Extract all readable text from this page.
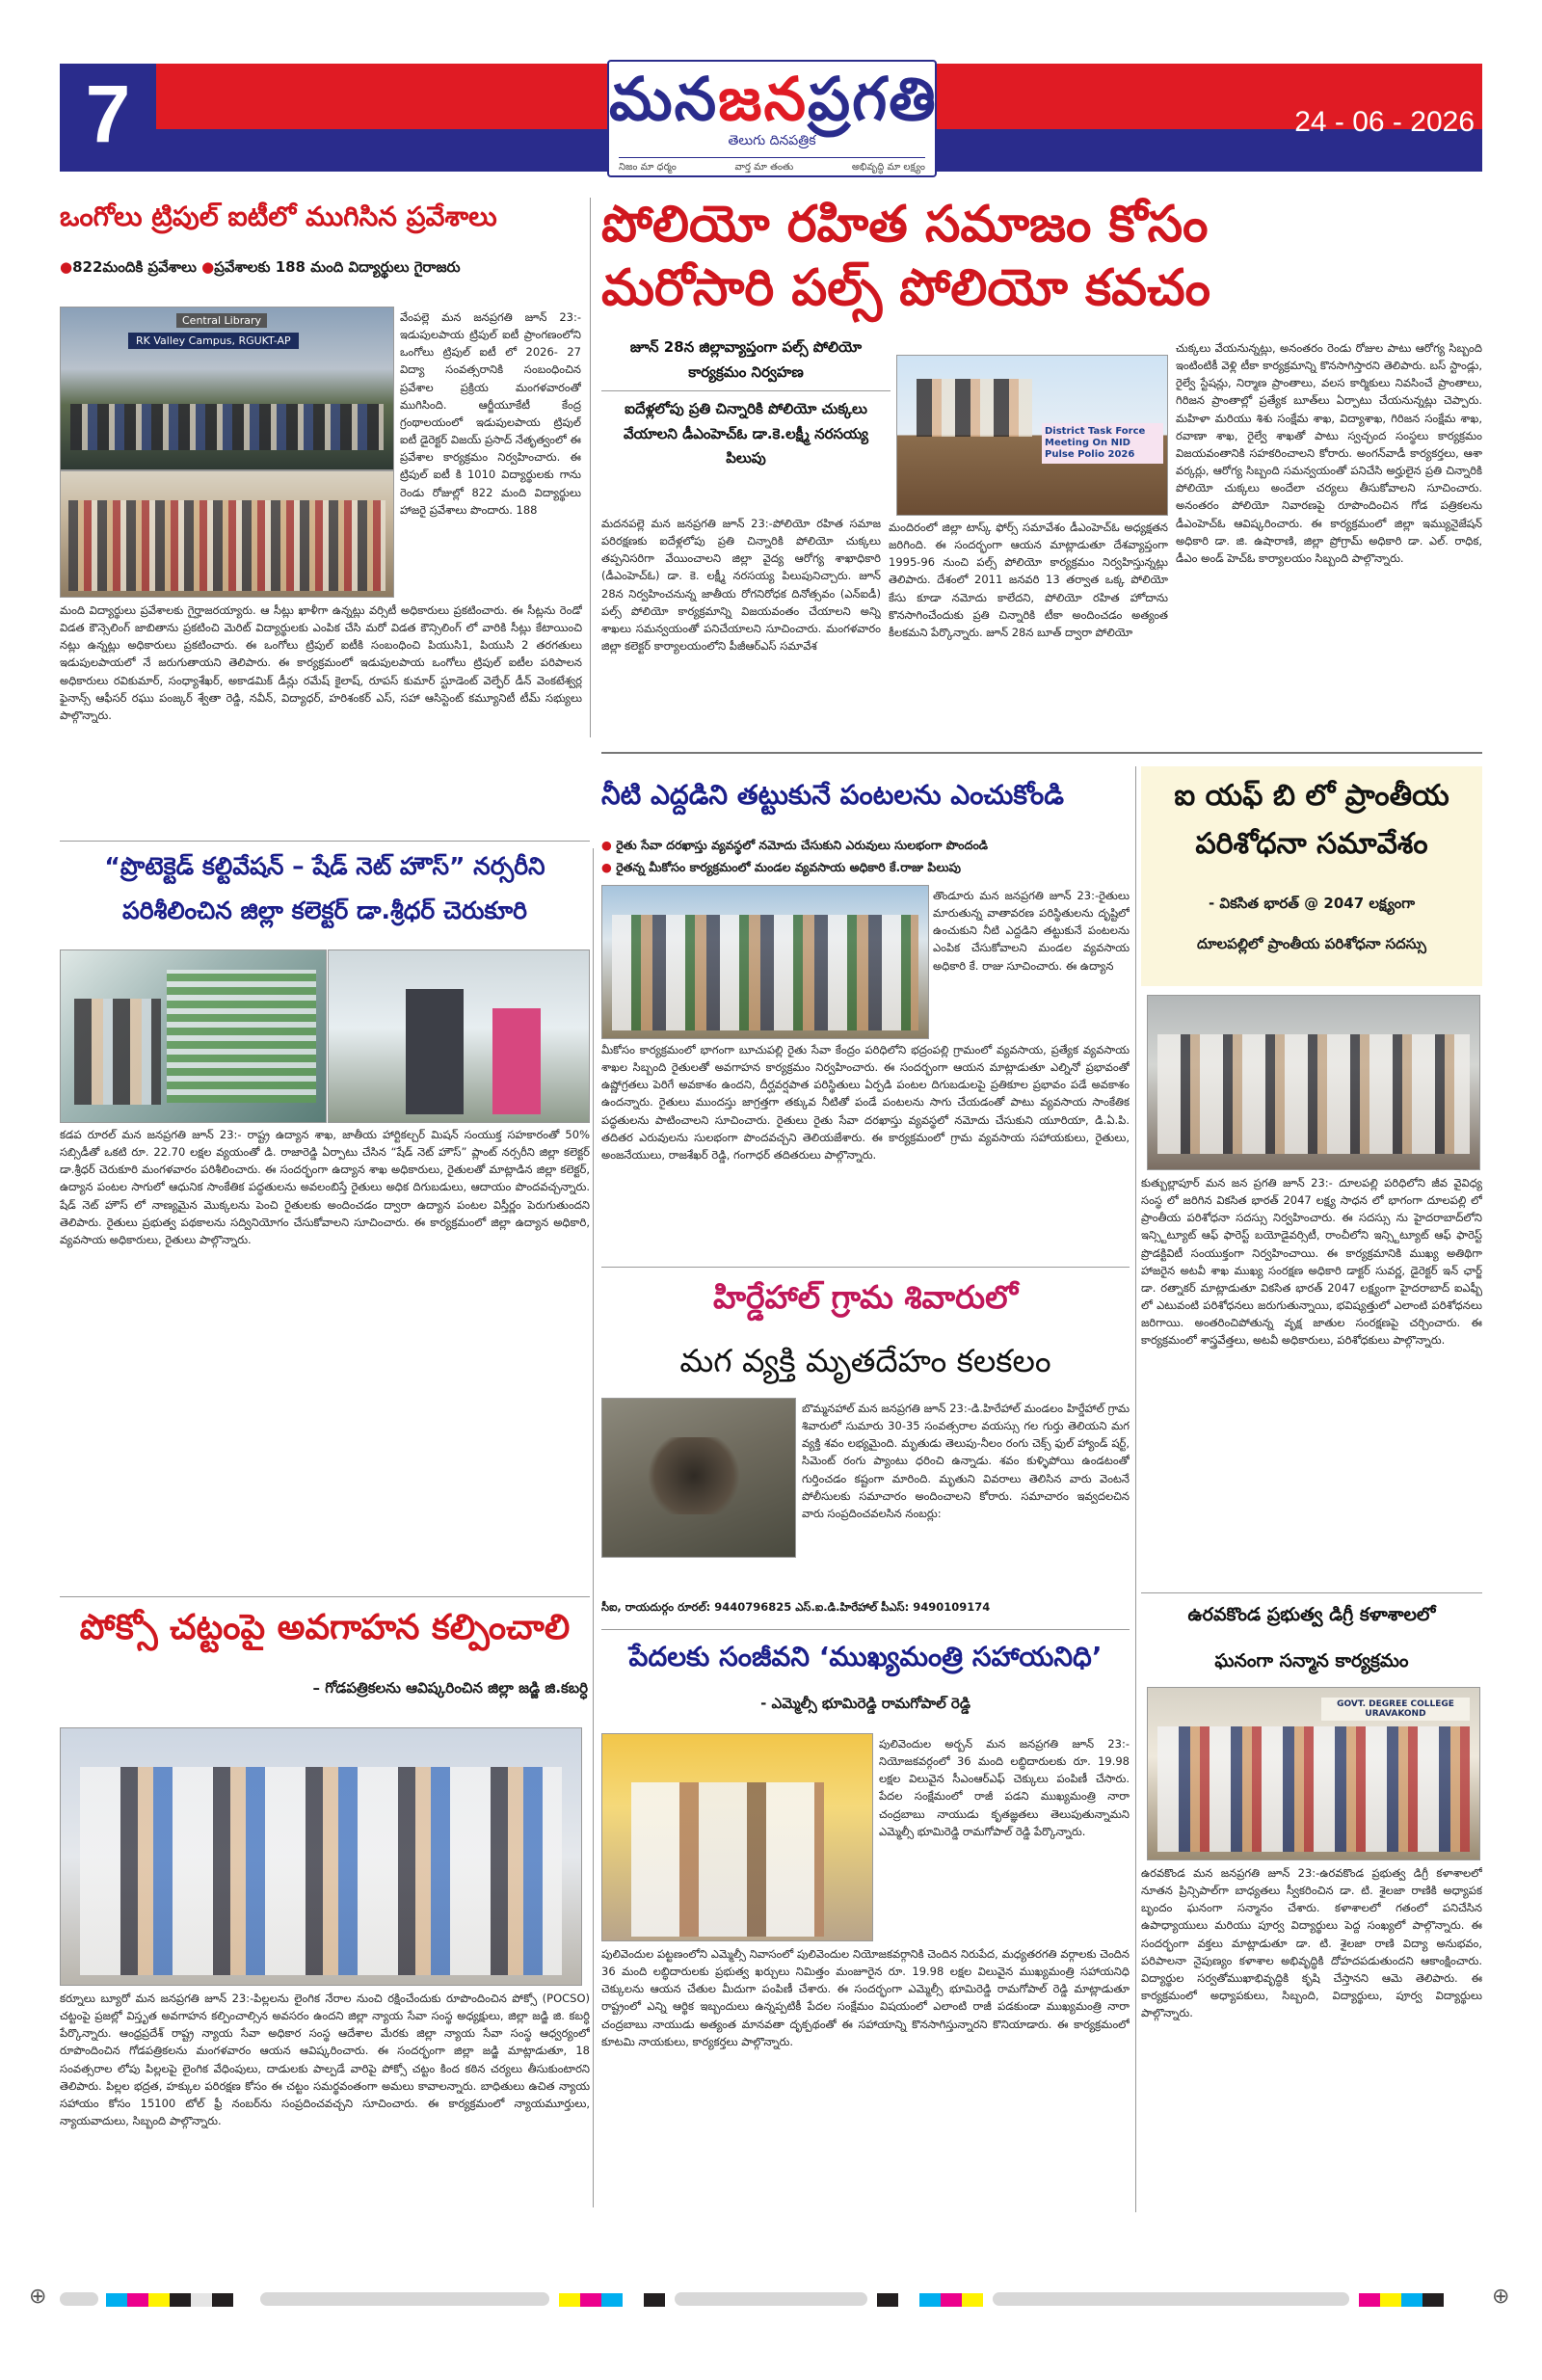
7	24 - 06 - 2026
మనజనప్రగతి
తెలుగు దినపత్రిక
నిజం మా ధర్మం	వార్త మా తంతు	అభివృద్ధి మా లక్ష్యం
ఒంగోలు ట్రిపుల్ ఐటీలో ముగిసిన ప్రవేశాలు
●822మందికి ప్రవేశాలు ●ప్రవేశాలకు 188 మంది విద్యార్థులు గైరాజరు
Central Library
RK Valley Campus, RGUKT-AP
వేంపల్లె మన జనప్రగతి జూన్ 23:-ఇడుపులపాయ ట్రిపుల్ ఐటీ ప్రాంగణంలోని ఒంగోలు ట్రిపుల్ ఐటీ లో 2026- 27 విద్యా సంవత్సరానికి సంబంధించిన ప్రవేశాల ప్రక్రియ మంగళవారంతో ముగిసింది. ఆర్జీయూకేటీ కేంద్ర గ్రంథాలయంలో ఇడుపులపాయ ట్రిపుల్ ఐటీ డైరెక్టర్ విజయ్ ప్రసాద్ నేతృత్వంలో ఈ ప్రవేశాల కార్యక్రమం నిర్వహించారు. ఈ ట్రిపుల్ ఐటీ కి 1010 విద్యార్థులకు గాను రెండు రోజుల్లో 822 మంది విద్యార్థులు హాజరై ప్రవేశాలు పొందారు. 188
మంది విద్యార్థులు ప్రవేశాలకు గైర్హాజరయ్యారు. ఆ సీట్లు ఖాళీగా ఉన్నట్లు వర్సిటీ అధికారులు ప్రకటించారు. ఈ సీట్లను రెండో విడత కౌన్సెలింగ్ జాబితాను ప్రకటించి మెరిట్ విద్యార్థులకు ఎంపిక చేసి మరో విడత కౌన్సిలింగ్ లో వారికి సీట్లు కేటాయించి నట్లు ఉన్నట్లు అధికారులు ప్రకటించారు. ఈ ఒంగోలు ట్రిపుల్ ఐటీకి సంబంధించి పియుసి1, పియుసి 2 తరగతులు ఇడుపులపాయలో నే జరుగుతాయని తెలిపారు. ఈ కార్యక్రమంలో ఇడుపులపాయ ఒంగోలు ట్రిపుల్ ఐటీల పరిపాలన అధికారులు రవికుమార్, సంధ్యాశేఖర్, అకాడమిక్ డీన్లు రమేష్ కైలాష్, రూపస్ కుమార్ స్టూడెంట్ వెల్ఫేర్ డీన్ వెంకటేశ్వర్ల ఫైనాన్స్ ఆఫీసర్ రఘు పంజ్కర్ శ్వేతా రెడ్డి, నవీన్, విద్యాధర్, హరిశంకర్ ఎస్, సహా ఆసిస్టెంట్ కమ్యూనిటీ టీమ్ సభ్యులు పాల్గొన్నారు.
పోలియో రహిత సమాజం కోసం
మరోసారి పల్స్ పోలియో కవచం
జూన్ 28న జిల్లావ్యాప్తంగా పల్స్ పోలియో కార్యక్రమం నిర్వహణ
ఐదేళ్లలోపు ప్రతి చిన్నారికి పోలియో చుక్కలు వేయాలని డీఎంహెచ్ఓ డా.కె.లక్ష్మీ నరసయ్య పిలుపు
District Task Force Meeting On NID Pulse Polio 2026
మదనపల్లె మన జనప్రగతి జూన్ 23:-పోలియో రహిత సమాజ పరిరక్షణకు ఐదేళ్లలోపు ప్రతి చిన్నారికి పోలియో చుక్కలు తప్పనిసరిగా వేయించాలని జిల్లా వైద్య ఆరోగ్య శాఖాధికారి (డీఎంహెచ్ఓ) డా. కె. లక్ష్మీ నరసయ్య పిలుపునిచ్చారు. జూన్ 28న నిర్వహించనున్న జాతీయ రోగనిరోధక దినోత్సవం (ఎన్ఐడీ) పల్స్ పోలియో కార్యక్రమాన్ని విజయవంతం చేయాలని అన్ని శాఖలు సమన్వయంతో పనిచేయాలని సూచించారు. మంగళవారం జిల్లా కలెక్టర్ కార్యాలయంలోని పీజీఆర్ఎస్ సమావేశ
మందిరంలో జిల్లా టాస్క్ ఫోర్స్ సమావేశం డీఎంహెచ్ఓ అధ్యక్షతన జరిగింది. ఈ సందర్భంగా ఆయన మాట్లాడుతూ దేశవ్యాప్తంగా 1995-96 నుంచి పల్స్ పోలియో కార్యక్రమం నిర్వహిస్తున్నట్లు తెలిపారు. దేశంలో 2011 జనవరి 13 తర్వాత ఒక్క పోలియో కేసు కూడా నమోదు కాలేదని, పోలియో రహిత హోదాను కొనసాగించేందుకు ప్రతి చిన్నారికి టీకా అందించడం అత్యంత కీలకమని పేర్కొన్నారు. జూన్ 28న బూత్ ద్వారా పోలియో
చుక్కలు వేయనున్నట్లు, అనంతరం రెండు రోజుల పాటు ఆరోగ్య సిబ్బంది ఇంటింటికీ వెళ్లి టీకా కార్యక్రమాన్ని కొనసాగిస్తారని తెలిపారు. బస్ స్టాండ్లు, రైల్వే స్టేషన్లు, నిర్మాణ ప్రాంతాలు, వలస కార్మికులు నివసించే ప్రాంతాలు, గిరిజన ప్రాంతాల్లో ప్రత్యేక బూత్‌లు ఏర్పాటు చేయనున్నట్లు చెప్పారు. మహిళా మరియు శిశు సంక్షేమ శాఖ, విద్యాశాఖ, గిరిజన సంక్షేమ శాఖ, రవాణా శాఖ, రైల్వే శాఖతో పాటు స్వచ్ఛంద సంస్థలు కార్యక్రమం విజయవంతానికి సహకరించాలని కోరారు. అంగన్‌వాడీ కార్యకర్తలు, ఆశా వర్కర్లు, ఆరోగ్య సిబ్బంది సమన్వయంతో పనిచేసి అర్హులైన ప్రతి చిన్నారికి పోలియో చుక్కలు అందేలా చర్యలు తీసుకోవాలని సూచించారు. అనంతరం పోలియో నివారణపై రూపొందించిన గోడ పత్రికలను డీఎంహెచ్ఓ ఆవిష్కరించారు. ఈ కార్యక్రమంలో జిల్లా ఇమ్యునైజేషన్ అధికారి డా. జి. ఉషారాణి, జిల్లా ప్రోగ్రామ్ అధికారి డా. ఎల్. రాధిక, డీఎం అండ్ హెచ్ఓ కార్యాలయం సిబ్బంది పాల్గొన్నారు.
“ప్రొటెక్టెడ్ కల్టివేషన్ – షేడ్ నెట్ హౌస్” నర్సరీని
పరిశీలించిన జిల్లా కలెక్టర్ డా.శ్రీధర్ చెరుకూరి
కడప రూరల్ మన జనప్రగతి జూన్ 23:- రాష్ట్ర ఉద్యాన శాఖ, జాతీయ హార్టికల్చర్ మిషన్ సంయుక్త సహకారంతో 50% సబ్సిడీతో ఒకటి రూ. 22.70 లక్షల వ్యయంతో డి. రాజారెడ్డి ఏర్పాటు చేసిన “షేడ్ నెట్ హౌస్” ప్లాంట్ నర్సరీని జిల్లా కలెక్టర్ డా.శ్రీధర్ చెరుకూరి మంగళవారం పరిశీలించారు. ఈ సందర్భంగా ఉద్యాన శాఖ అధికారులు, రైతులతో మాట్లాడిన జిల్లా కలెక్టర్, ఉద్యాన పంటల సాగులో ఆధునిక సాంకేతిక పద్ధతులను అవలంబిస్తే రైతులు అధిక దిగుబడులు, ఆదాయం పొందవచ్చన్నారు. షేడ్ నెట్ హౌస్ లో నాణ్యమైన మొక్కలను పెంచి రైతులకు అందించడం ద్వారా ఉద్యాన పంటల విస్తీర్ణం పెరుగుతుందని తెలిపారు. రైతులు ప్రభుత్వ పథకాలను సద్వినియోగం చేసుకోవాలని సూచించారు. ఈ కార్యక్రమంలో జిల్లా ఉద్యాన అధికారి, వ్యవసాయ అధికారులు, రైతులు పాల్గొన్నారు.
పోక్సో చట్టంపై అవగాహన కల్పించాలి
– గోడపత్రికలను ఆవిష్కరించిన జిల్లా జడ్జి జి.కబర్ధి
కర్నూలు బ్యూరో మన జనప్రగతి జూన్ 23:-పిల్లలను లైంగిక నేరాల నుంచి రక్షించేందుకు రూపొందించిన పోక్సో (POCSO) చట్టంపై ప్రజల్లో విస్తృత అవగాహన కల్పించాల్సిన అవసరం ఉందని జిల్లా న్యాయ సేవా సంస్థ అధ్యక్షులు, జిల్లా జడ్జి జి. కబర్ధి పేర్కొన్నారు. ఆంధ్రప్రదేశ్ రాష్ట్ర న్యాయ సేవా అధికార సంస్థ ఆదేశాల మేరకు జిల్లా న్యాయ సేవా సంస్థ ఆధ్వర్యంలో రూపొందించిన గోడపత్రికలను మంగళవారం ఆయన ఆవిష్కరించారు. ఈ సందర్భంగా జిల్లా జడ్జి మాట్లాడుతూ, 18 సంవత్సరాల లోపు పిల్లలపై లైంగిక వేధింపులు, దాడులకు పాల్పడే వారిపై పోక్సో చట్టం కింద కఠిన చర్యలు తీసుకుంటారని తెలిపారు. పిల్లల భద్రత, హక్కుల పరిరక్షణ కోసం ఈ చట్టం సమర్థవంతంగా అమలు కావాలన్నారు. బాధితులు ఉచిత న్యాయ సహాయం కోసం 15100 టోల్ ఫ్రీ నంబర్‌ను సంప్రదించవచ్చని సూచించారు. ఈ కార్యక్రమంలో న్యాయమూర్తులు, న్యాయవాదులు, సిబ్బంది పాల్గొన్నారు.
నీటి ఎద్దడిని తట్టుకునే పంటలను ఎంచుకోండి
● రైతు సేవా దరఖాస్తు వ్యవస్థలో నమోదు చేసుకుని ఎరువులు సులభంగా పొందండి
● రైతన్న మీకోసం కార్యక్రమంలో మండల వ్యవసాయ అధికారి కే.రాజు పిలుపు
తొండూరు మన జనప్రగతి జూన్ 23:-రైతులు మారుతున్న వాతావరణ పరిస్థితులను దృష్టిలో ఉంచుకుని నీటి ఎద్దడిని తట్టుకునే పంటలను ఎంపిక చేసుకోవాలని మండల వ్యవసాయ అధికారి కే. రాజు సూచించారు. ఈ ఉద్యాన
మీకోసం కార్యక్రమంలో భాగంగా బూచుపల్లి రైతు సేవా కేంద్రం పరిధిలోని భద్రంపల్లి గ్రామంలో వ్యవసాయ, ప్రత్యేక వ్యవసాయ శాఖల సిబ్బంది రైతులతో అవగాహన కార్యక్రమం నిర్వహించారు. ఈ సందర్భంగా ఆయన మాట్లాడుతూ ఎల్నినో ప్రభావంతో ఉష్ణోగ్రతలు పెరిగే అవకాశం ఉందని, దీర్ఘవర్షపాత పరిస్థితులు ఏర్పడి పంటల దిగుబడులపై ప్రతికూల ప్రభావం పడే అవకాశం ఉందన్నారు. రైతులు ముందస్తు జాగ్రత్తగా తక్కువ నీటితో పండే పంటలను సాగు చేయడంతో పాటు వ్యవసాయ సాంకేతిక పద్ధతులను పాటించాలని సూచించారు. రైతులు రైతు సేవా దరఖాస్తు వ్యవస్థలో నమోదు చేసుకుని యూరియా, డి.ఏ.పి. తదితర ఎరువులను సులభంగా పొందవచ్చని తెలియజేశారు. ఈ కార్యక్రమంలో గ్రామ వ్యవసాయ సహాయకులు, రైతులు, అంజనేయులు, రాజశేఖర్ రెడ్డి, గంగాధర్ తదితరులు పాల్గొన్నారు.
హిర్డేహాల్ గ్రామ శివారులో
మగ వ్యక్తి మృతదేహం కలకలం
బొమ్మనహాల్ మన జనప్రగతి జూన్ 23:-డి.హిరేహాల్ మండలం హిర్డేహాల్ గ్రామ శివారులో సుమారు 30-35 సంవత్సరాల వయస్సు గల గుర్తు తెలియని మగ వ్యక్తి శవం లభ్యమైంది. మృతుడు తెలుపు-నీలం రంగు చెక్స్ ఫుల్ హ్యాండ్ షర్ట్, సిమెంట్ రంగు ప్యాంటు ధరించి ఉన్నాడు. శవం కుళ్ళిపోయి ఉండటంతో గుర్తించడం కష్టంగా మారింది. మృతుని వివరాలు తెలిసిన వారు వెంటనే పోలీసులకు సమాచారం అందించాలని కోరారు. సమాచారం ఇవ్వదలచిన వారు సంప్రదించవలసిన నంబర్లు:
సీఐ, రాయదుర్గం రూరల్: 9440796825 ఎస్.ఐ.డి.హిరేహాల్ పీఎస్: 9490109174
పేదలకు సంజీవని ‘ముఖ్యమంత్రి సహాయనిధి’
- ఎమ్మెల్సీ భూమిరెడ్డి రామగోపాల్ రెడ్డి
పులివెందుల అర్బన్ మన జనప్రగతి జూన్ 23:- నియోజకవర్గంలో 36 మంది లబ్ధిదారులకు రూ. 19.98 లక్షల విలువైన సీఎంఆర్ఎఫ్ చెక్కులు పంపిణీ చేసారు. పేదల సంక్షేమంలో రాజీ పడని ముఖ్యమంత్రి నారా చంద్రబాబు నాయుడు కృతజ్ఞతలు తెలుపుతున్నామని ఎమ్మెల్సీ భూమిరెడ్డి రామగోపాల్ రెడ్డి పేర్కొన్నారు.
పులివెందుల పట్టణంలోని ఎమ్మెల్సీ నివాసంలో పులివెందుల నియోజకవర్గానికి చెందిన నిరుపేద, మధ్యతరగతి వర్గాలకు చెందిన 36 మంది లబ్ధిదారులకు ప్రభుత్వ ఖర్చులు నిమిత్తం మంజూరైన రూ. 19.98 లక్షల విలువైన ముఖ్యమంత్రి సహాయనిధి చెక్కులను ఆయన చేతుల మీదుగా పంపిణీ చేశారు. ఈ సందర్భంగా ఎమ్మెల్సీ భూమిరెడ్డి రామగోపాల్ రెడ్డి మాట్లాడుతూ రాష్ట్రంలో ఎన్ని ఆర్థిక ఇబ్బందులు ఉన్నప్పటికీ పేదల సంక్షేమం విషయంలో ఎలాంటి రాజీ పడకుండా ముఖ్యమంత్రి నారా చంద్రబాబు నాయుడు అత్యంత మానవతా దృక్పథంతో ఈ సహాయాన్ని కొనసాగిస్తున్నారని కొనియాడారు. ఈ కార్యక్రమంలో కూటమి నాయకులు, కార్యకర్తలు పాల్గొన్నారు.
ఐ యఫ్ బి లో ప్రాంతీయ
పరిశోధనా సమావేశం
- వికసిత భారత్ @ 2047 లక్ష్యంగా
దూలపల్లిలో ప్రాంతీయ పరిశోధనా సదస్సు
కుత్బుల్లాపూర్ మన జన ప్రగతి జూన్ 23:- దూలపల్లి పరిధిలోని జీవ వైవిధ్య సంస్థ లో జరిగిన వికసిత భారత్ 2047 లక్ష్య సాధన లో భాగంగా దూలపల్లి లో ప్రాంతీయ పరిశోధనా సదస్సు నిర్వహించారు. ఈ సదస్సు ను హైదరాబాద్‌లోని ఇన్స్టిట్యూట్ ఆఫ్ ఫారెస్ట్ బయోడైవర్సిటీ, రాంచీలోని ఇన్స్టిట్యూట్ ఆఫ్ ఫారెస్ట్ ప్రొడక్టివిటీ సంయుక్తంగా నిర్వహించాయి. ఈ కార్యక్రమానికి ముఖ్య అతిథిగా హాజరైన అటవీ శాఖ ముఖ్య సంరక్షణ అధికారి డాక్టర్ సువర్ణ, డైరెక్టర్ ఇన్ ఛార్జ్ డా. రత్నాకర్ మాట్లాడుతూ వికసిత భారత్ 2047 లక్ష్యంగా హైదరాబాద్ ఐఎఫ్బీ లో ఎటువంటి పరిశోధనలు జరుగుతున్నాయి, భవిష్యత్తులో ఎలాంటి పరిశోధనలు జరిగాయి. అంతరించిపోతున్న వృక్ష జాతుల సంరక్షణపై చర్చించారు. ఈ కార్యక్రమంలో శాస్త్రవేత్తలు, అటవీ అధికారులు, పరిశోధకులు పాల్గొన్నారు.
ఉరవకొండ ప్రభుత్వ డిగ్రీ కళాశాలలో
ఘనంగా సన్మాన కార్యక్రమం
GOVT. DEGREE COLLEGE URAVAKOND
ఉరవకొండ మన జనప్రగతి జూన్ 23:-ఉరవకొండ ప్రభుత్వ డిగ్రీ కళాశాలలో నూతన ప్రిన్సిపాల్‌గా బాధ్యతలు స్వీకరించిన డా. టి. శైలజా రాణికి అధ్యాపక బృందం ఘనంగా సన్మానం చేశారు. కళాశాలలో గతంలో పనిచేసిన ఉపాధ్యాయులు మరియు పూర్వ విద్యార్థులు పెద్ద సంఖ్యలో పాల్గొన్నారు. ఈ సందర్భంగా వక్తలు మాట్లాడుతూ డా. టి. శైలజా రాణి విద్యా అనుభవం, పరిపాలనా నైపుణ్యం కళాశాల అభివృద్ధికి దోహదపడుతుందని ఆకాంక్షించారు. విద్యార్థుల సర్వతోముఖాభివృద్ధికి కృషి చేస్తానని ఆమె తెలిపారు. ఈ కార్యక్రమంలో అధ్యాపకులు, సిబ్బంది, విద్యార్థులు, పూర్వ విద్యార్థులు పాల్గొన్నారు.
⊕	⊕
